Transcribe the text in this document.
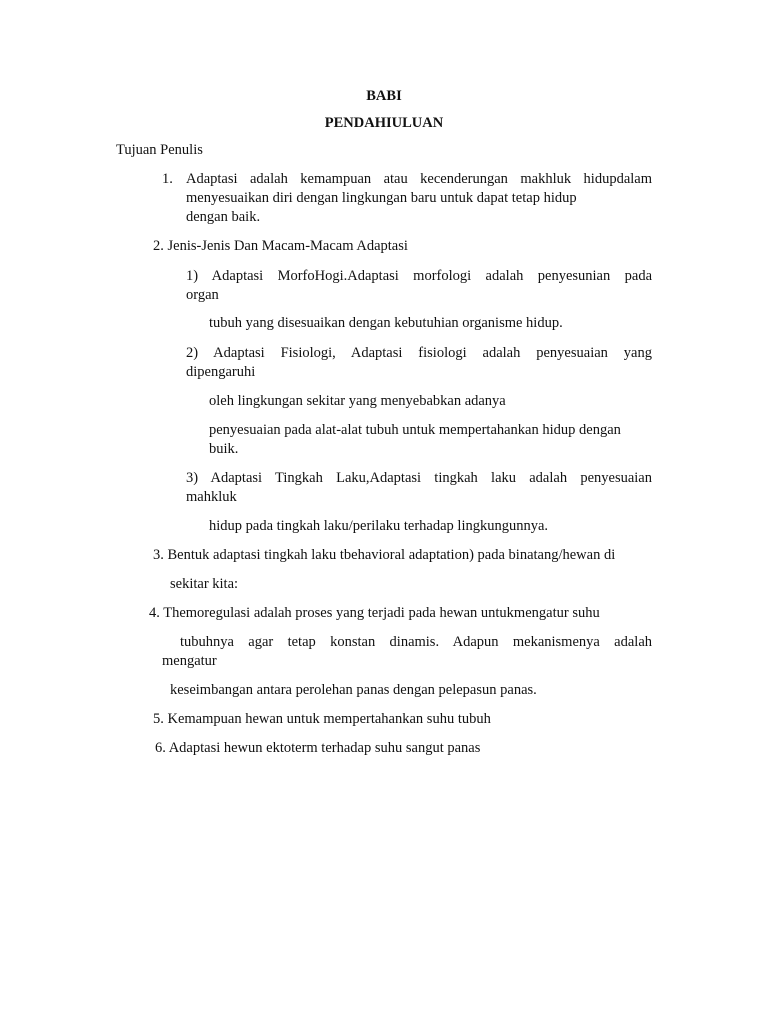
BABI
PENDAHIULUAN
Tujuan Penulis
1. Adaptasi adalah kemampuan atau kecenderungan makhluk hidupdalam
menyesuaikan diri dengan lingkungan baru untuk dapat tetap hidup
dengan baik.
2. Jenis-Jenis Dan Macam-Macam Adaptasi
1) Adaptasi MorfoHogi.Adaptasi morfologi adalah penyesunian pada
organ
tubuh yang disesuaikan dengan kebutuhian organisme hidup.
2) Adaptasi Fisiologi, Adaptasi fisiologi adalah penyesuaian yang
dipengaruhi
oleh lingkungan sekitar yang menyebabkan adanya
penyesuaian pada alat-alat tubuh untuk mempertahankan hidup dengan
buik.
3) Adaptasi Tingkah Laku,Adaptasi tingkah laku adalah penyesuaian
mahkluk
hidup pada tingkah laku/perilaku terhadap lingkungunnya.
3. Bentuk adaptasi tingkah laku tbehavioral adaptation) pada binatang/hewan di
sekitar kita:
4. Themoregulasi adalah proses yang terjadi pada hewan untukmengatur suhu
tubuhnya agar tetap konstan dinamis. Adapun mekanismenya adalah
mengatur
keseimbangan antara perolehan panas dengan pelepasun panas.
5. Kemampuan hewan untuk mempertahankan suhu tubuh
6. Adaptasi hewun ektoterm terhadap suhu sangut panas
